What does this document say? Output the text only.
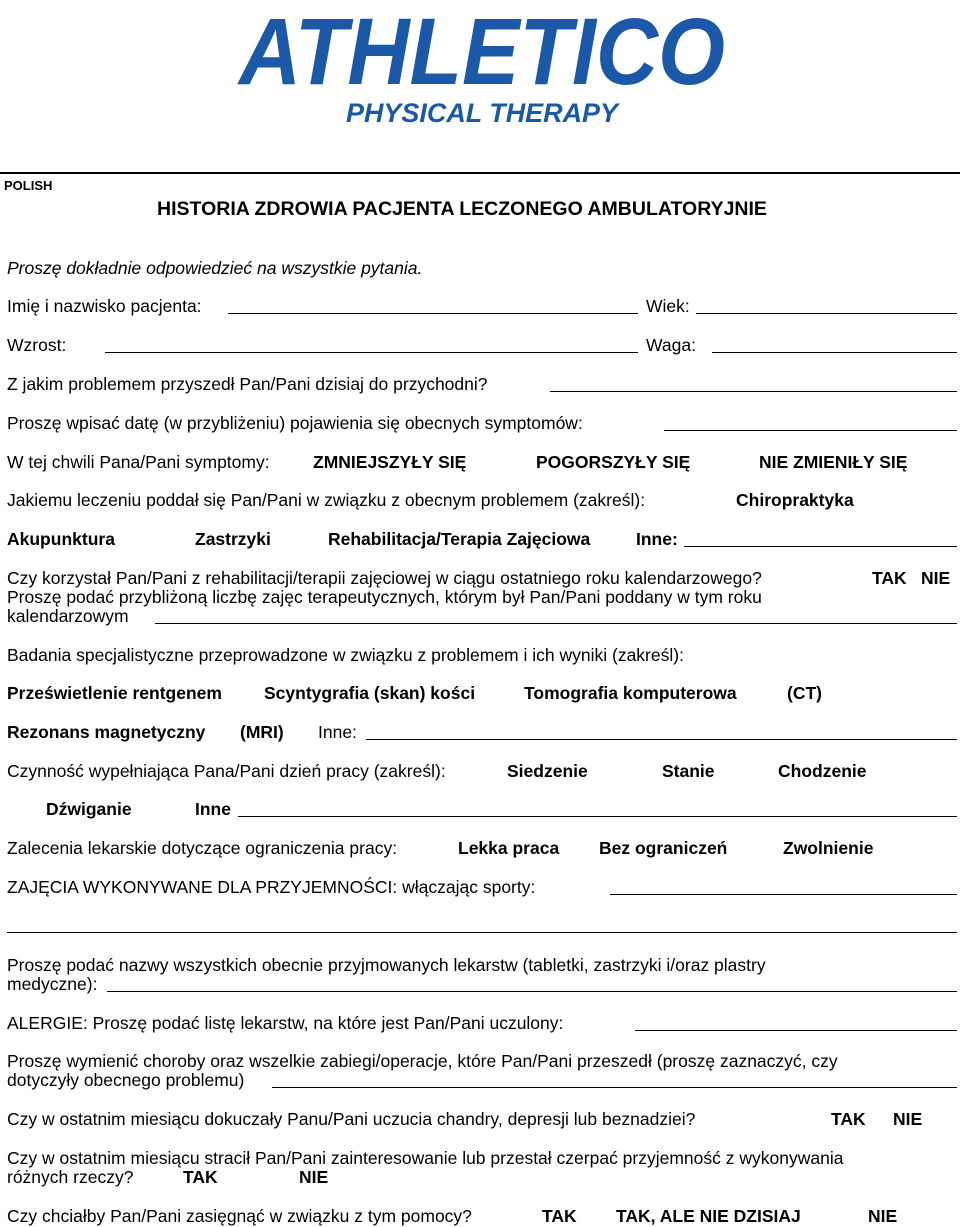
ATHLETICO
PHYSICAL THERAPY
POLISH
HISTORIA ZDROWIA PACJENTA LECZONEGO AMBULATORYJNIE
Proszę dokładnie odpowiedzieć na wszystkie pytania.
Imię i nazwisko pacjenta:	Wiek:
Wzrost:	Waga:
Z jakim problemem przyszedł Pan/Pani dzisiaj do przychodni?
Proszę wpisać datę (w przybliżeniu) pojawienia się obecnych symptomów:
W tej chwili Pana/Pani symptomy: ZMNIEJSZYŁY SIĘ	POGORSZYŁY SIĘ	NIE ZMIENIŁY SIĘ
Jakiemu leczeniu poddał się Pan/Pani w związku z obecnym problemem (zakreśl):	Chiropraktyka
Akupunktura	Zastrzyki	Rehabilitacja/Terapia Zajęciowa	Inne:
Czy korzystał Pan/Pani z rehabilitacji/terapii zajęciowej w ciągu ostatniego roku kalendarzowego?	TAK NIE
Proszę podać przybliżoną liczbę zajęc terapeutycznych, którym był Pan/Pani poddany w tym roku
kalendarzowym
Badania specjalistyczne przeprowadzone w związku z problemem i ich wyniki (zakreśl):
Prześwietlenie rentgenem Scyntygrafia (skan) kości	Tomografia komputerowa	(CT)
Rezonans magnetyczny (MRI) Inne:
Czynność wypełniająca Pana/Pani dzień pracy (zakreśl):	Siedzenie	Stanie	Chodzenie
Dźwiganie	Inne
Zalecenia lekarskie dotyczące ograniczenia pracy:	Lekka praca Bez ograniczeń	Zwolnienie
ZAJĘCIA WYKONYWANE DLA PRZYJEMNOŚCI: włączając sporty:
Proszę podać nazwy wszystkich obecnie przyjmowanych lekarstw (tabletki, zastrzyki i/oraz plastry
medyczne):
ALERGIE: Proszę podać listę lekarstw, na które jest Pan/Pani uczulony:
Proszę wymienić choroby oraz wszelkie zabiegi/operacje, które Pan/Pani przeszedł (proszę zaznaczyć, czy
dotyczyły obecnego problemu)
Czy w ostatnim miesiącu dokuczały Panu/Pani uczucia chandry, depresji lub beznadziei?	TAK NIE
Czy w ostatnim miesiącu stracił Pan/Pani zainteresowanie lub przestał czerpać przyjemność z wykonywania
różnych rzeczy?	TAK	NIE
Czy chciałby Pan/Pani zasięgnąć w związku z tym pomocy?	TAK TAK, ALE NIE DZISIAJ	NIE
